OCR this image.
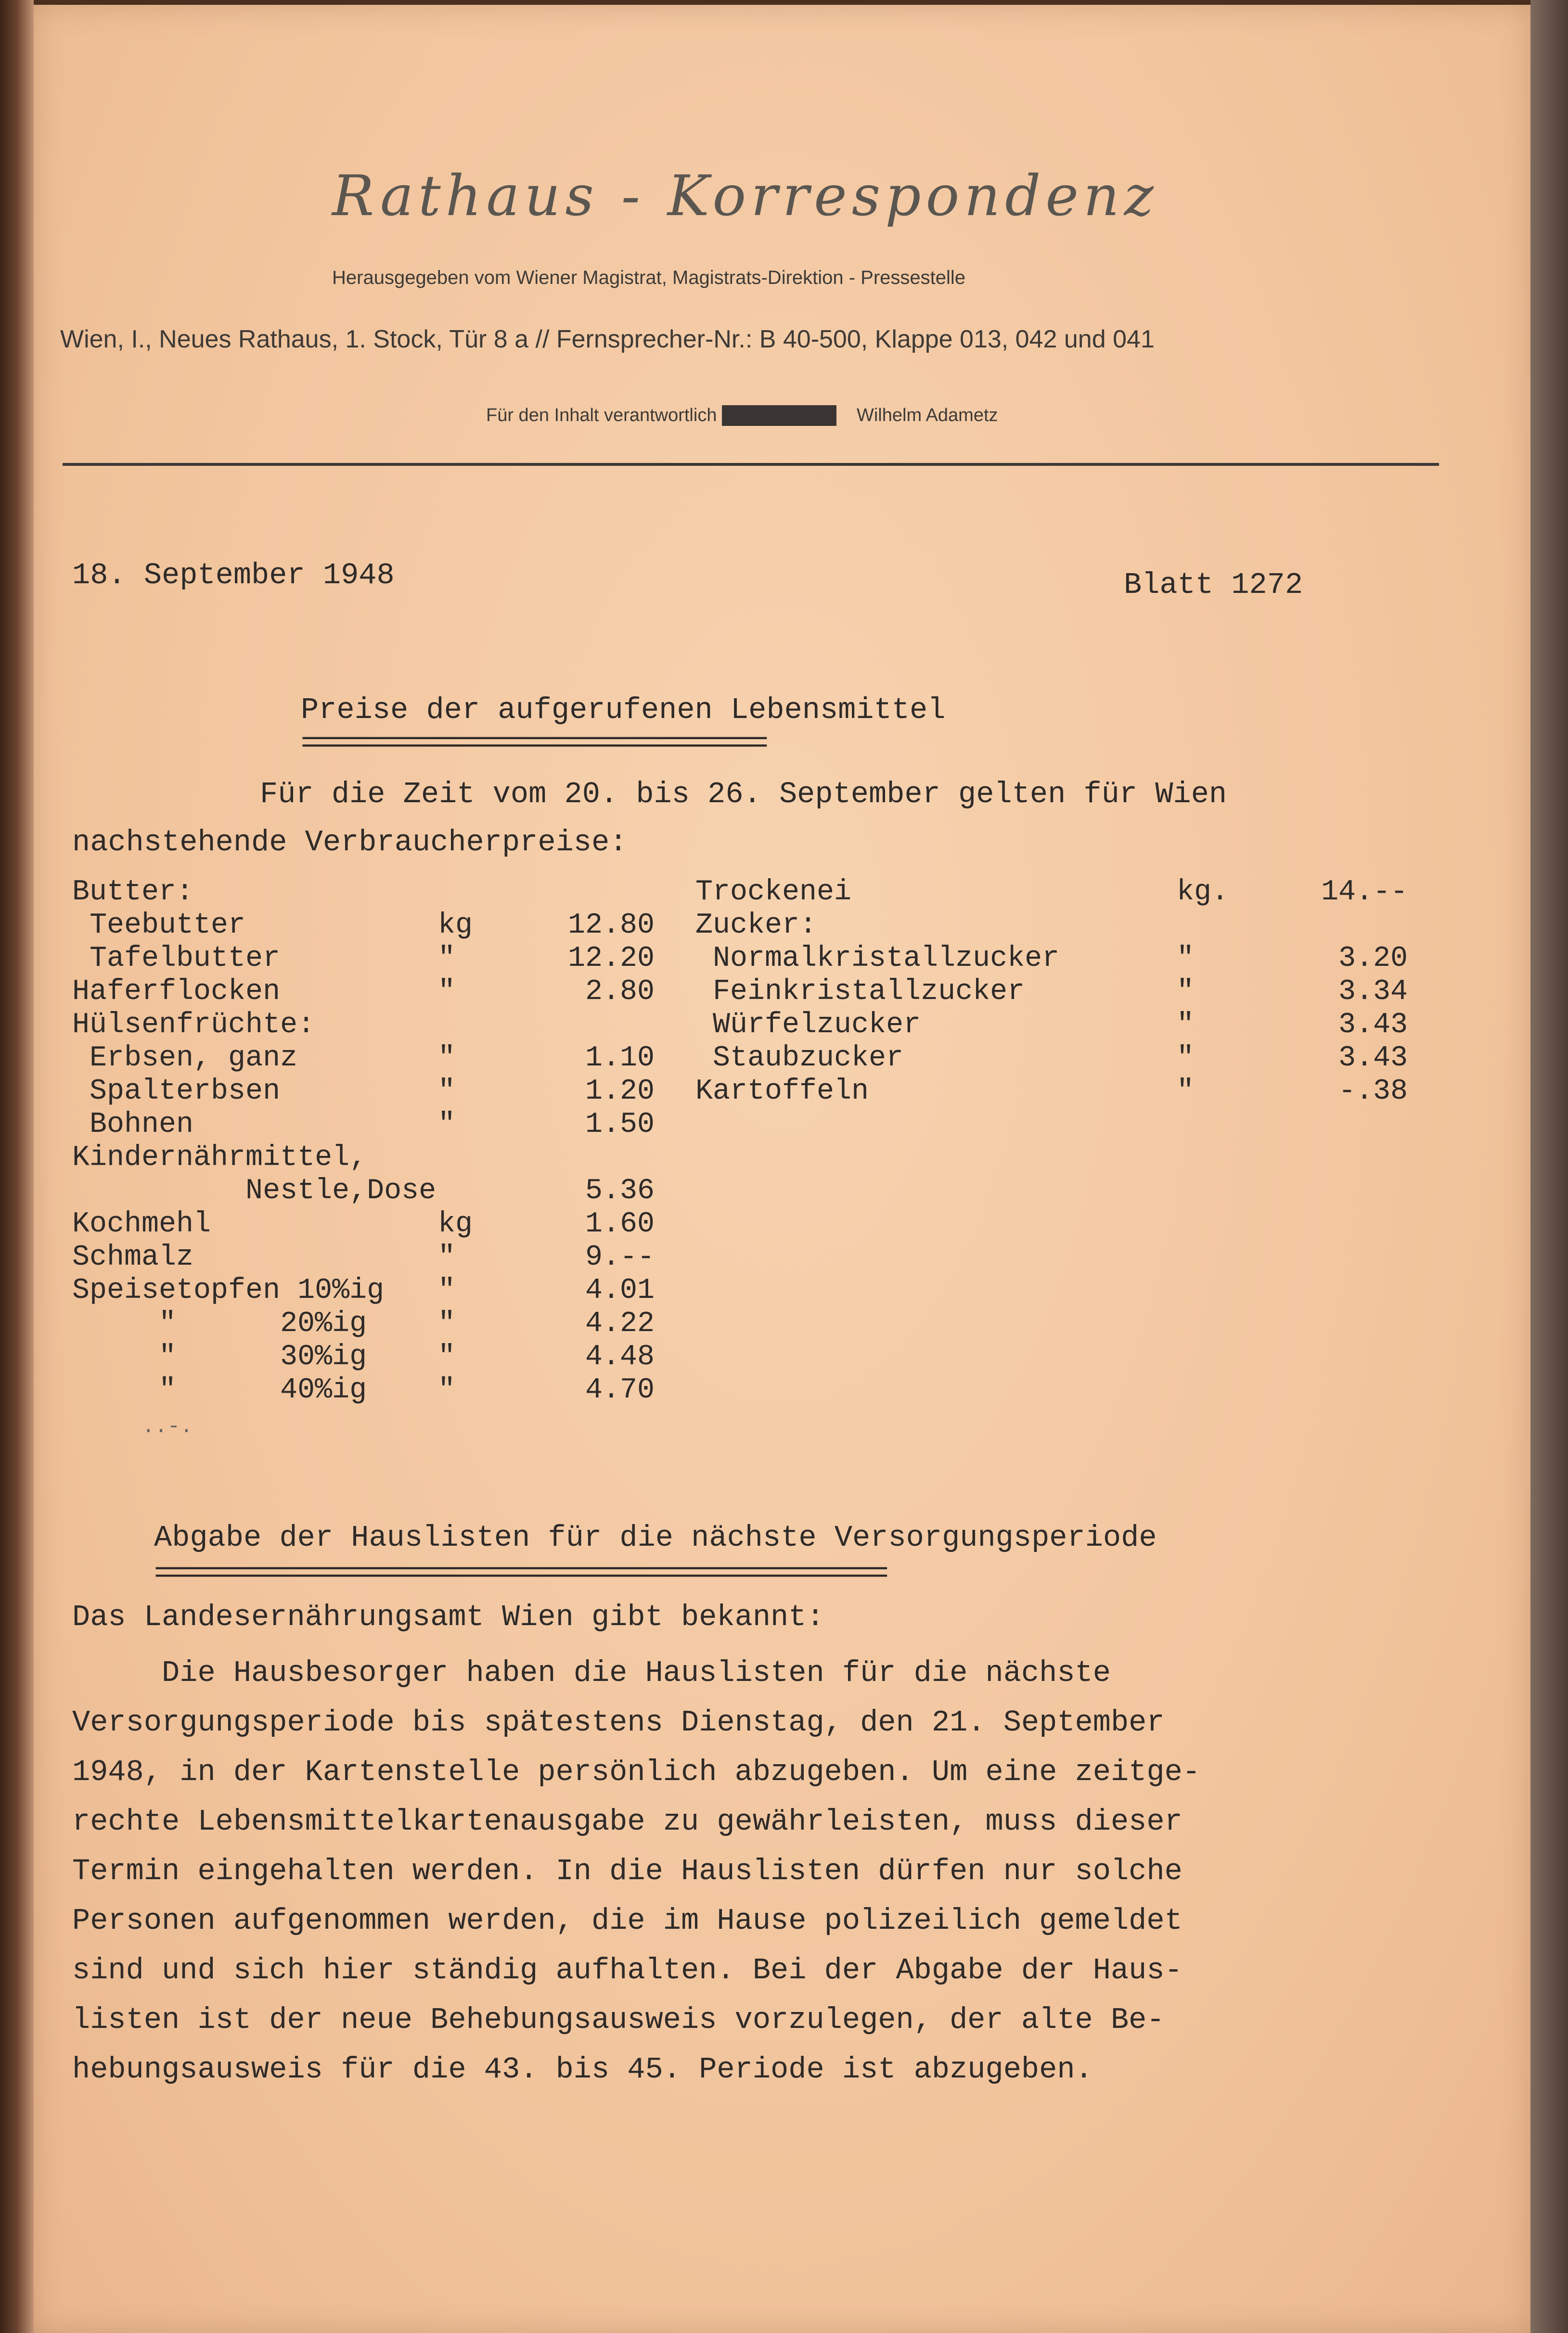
Rathaus - Korrespondenz
Herausgegeben vom Wiener Magistrat, Magistrats-Direktion - Pressestelle
Wien, I., Neues Rathaus, 1. Stock, Tür 8 a // Fernsprecher-Nr.: B 40-500, Klappe 013, 042 und 041
Für den Inhalt verantwortlich Hans Riemer Wilhelm Adametz
18. September 1948	Blatt 1272
Preise der aufgerufenen Lebensmittel
=================================
Für die Zeit vom 20. bis 26. September gelten für Wien
nachstehende Verbraucherpreise:
Butter:
Teebutter	kg	12.80
Tafelbutter	"	12.20
Haferflocken	"	2.80
Hülsenfrüchte:
Erbsen, ganz	"	1.10
Spalterbsen	"	1.20
Bohnen	"	1.50
Kindernährmittel,
Nestle,Dose	5.36
Kochmehl	kg	1.60
Schmalz	"	9.--
Speisetopfen 10%ig	"	4.01
"      20%ig	"	4.22
"      30%ig	"	4.48
"      40%ig	"	4.70
Trockenei	kg.	14.--
Zucker:
Normalkristallzucker	"	3.20
Feinkristallzucker	"	3.34
Würfelzucker	"	3.43
Staubzucker	"	3.43
Kartoffeln	"	-.38
..‑.
Abgabe der Hauslisten für die nächste Versorgungsperiode
====================================================
Das Landesernährungsamt Wien gibt bekannt:
Die Hausbesorger haben die Hauslisten für die nächste
Versorgungsperiode bis spätestens Dienstag, den 21. September
1948, in der Kartenstelle persönlich abzugeben. Um eine zeitge-
rechte Lebensmittelkartenausgabe zu gewährleisten, muss dieser
Termin eingehalten werden. In die Hauslisten dürfen nur solche
Personen aufgenommen werden, die im Hause polizeilich gemeldet
sind und sich hier ständig aufhalten. Bei der Abgabe der Haus-
listen ist der neue Behebungsausweis vorzulegen, der alte Be-
hebungsausweis für die 43. bis 45. Periode ist abzugeben.
